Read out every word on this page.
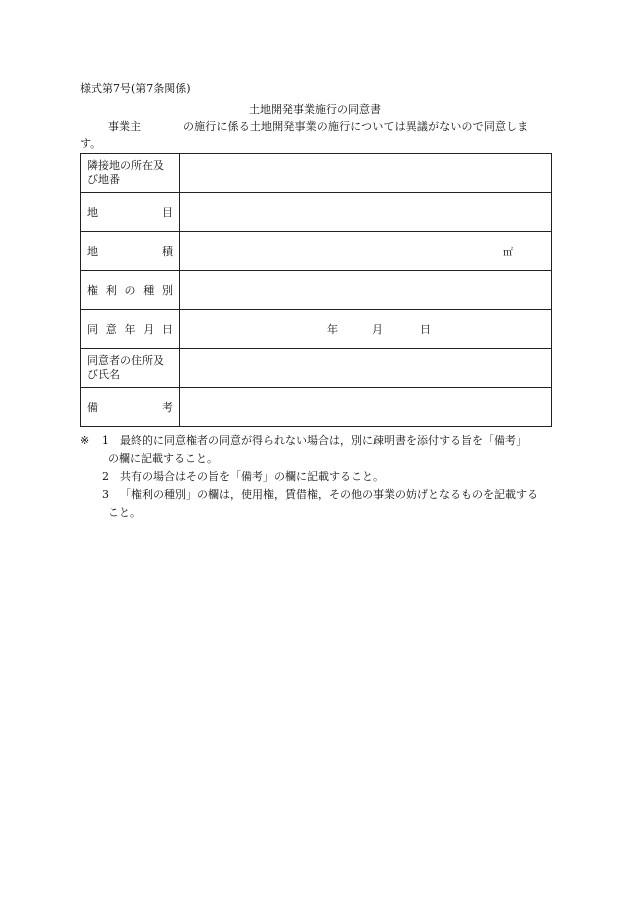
様式第7号(第7条関係)
土地開発事業施行の同意書
事業主	の施行に係る土地開発事業の施行については異議がないので同意しま
す。
隣接地の所在及び地番	

地 目	

地 積	㎡

権 利 の 種 別	

同 意 年 月 日	年 月 日

同意者の住所及び氏名	

備 考	

※ 1 最終的に同意権者の同意が得られない場合は，別に疎明書を添付する旨を「備考」
の欄に記載すること。
2 共有の場合はその旨を「備考」の欄に記載すること。
3 「権利の種別」の欄は，使用権，賃借権，その他の事業の妨げとなるものを記載する
こと。
